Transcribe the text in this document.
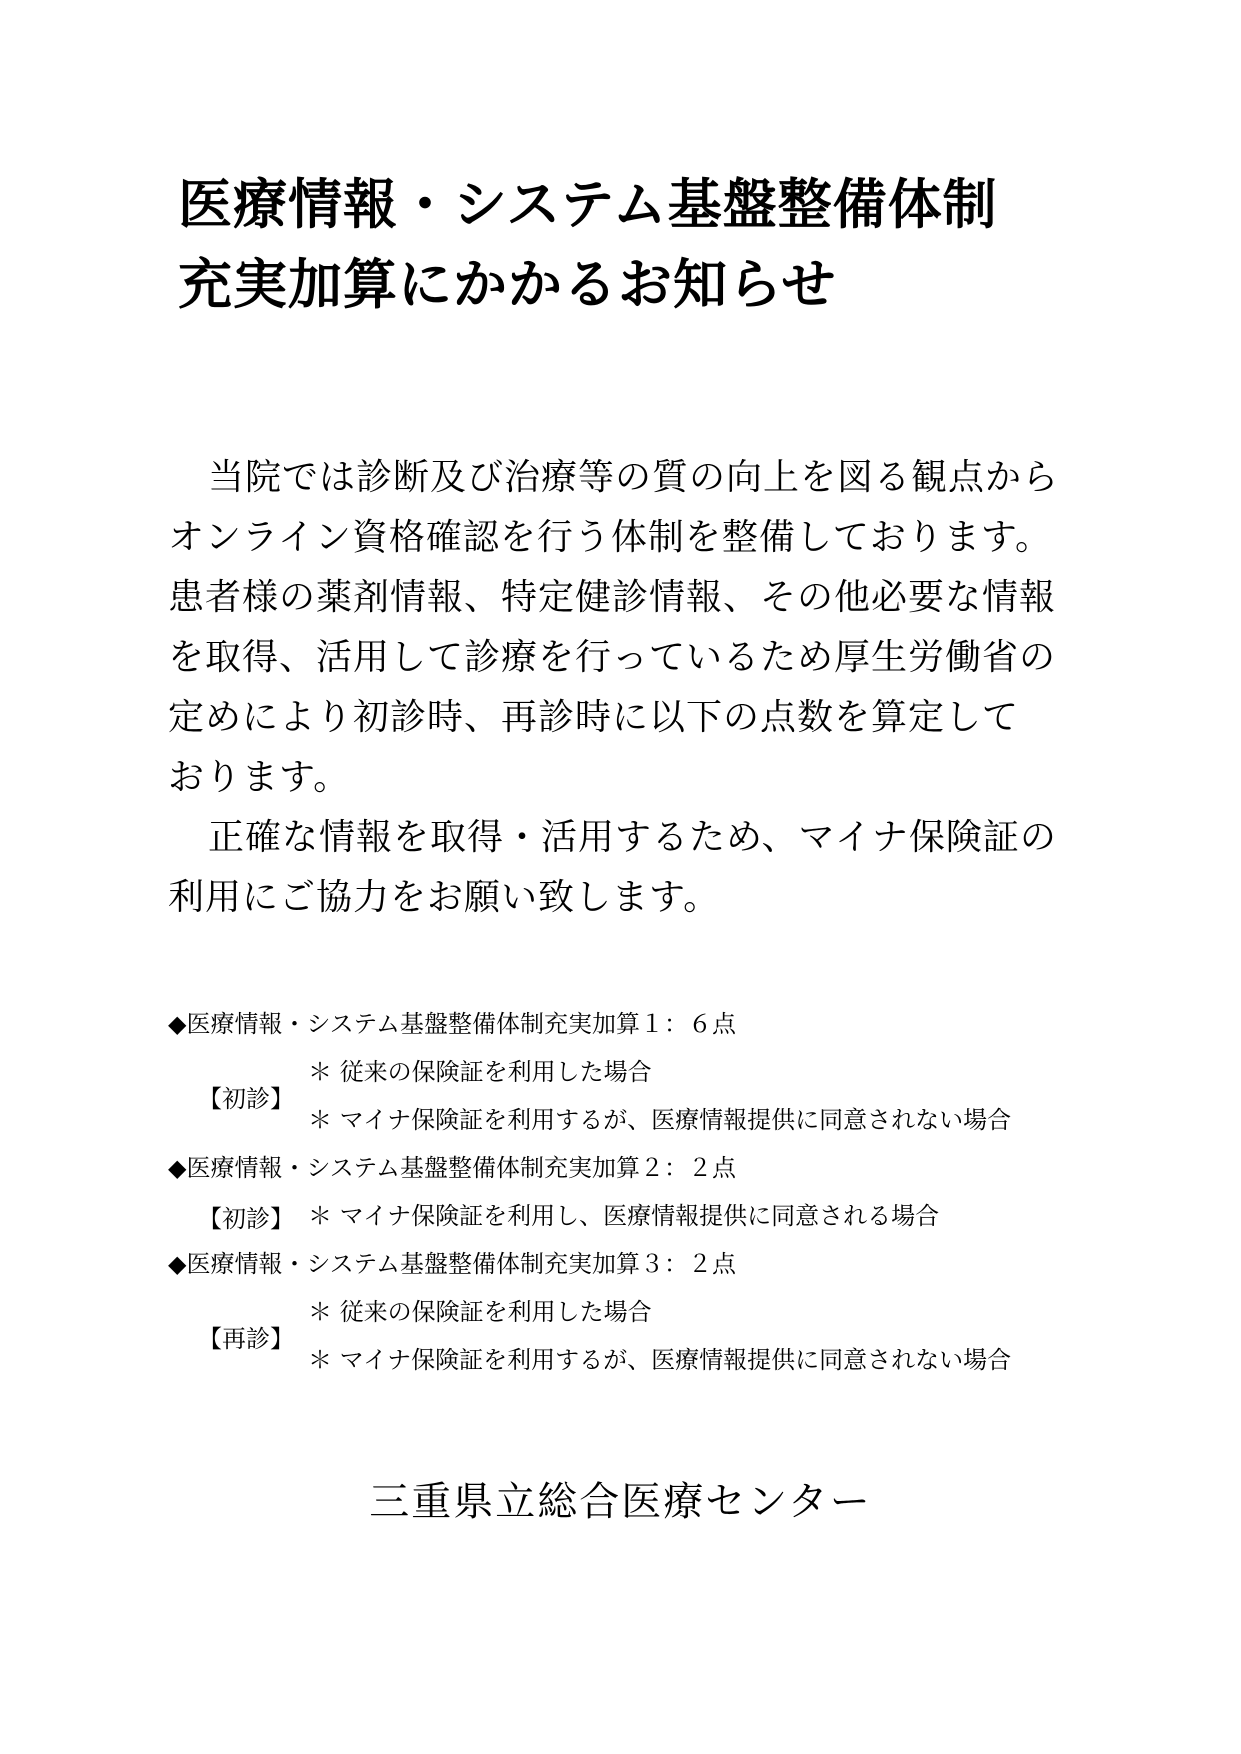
医療情報・システム基盤整備体制
充実加算にかかるお知らせ
当院では診断及び治療等の質の向上を図る観点から
オンライン資格確認を行う体制を整備しております。
患者様の薬剤情報、特定健診情報、その他必要な情報
を取得、活用して診療を行っているため厚生労働省の
定めにより初診時、再診時に以下の点数を算定して
おります。
正確な情報を取得・活用するため、マイナ保険証の
利用にご協力をお願い致します。
◆医療情報・システム基盤整備体制充実加算１：６点
【初診】
＊ 従来の保険証を利用した場合
＊ マイナ保険証を利用するが、医療情報提供に同意されない場合
◆医療情報・システム基盤整備体制充実加算２：２点
【初診】 ＊ マイナ保険証を利用し、医療情報提供に同意される場合
◆医療情報・システム基盤整備体制充実加算３：２点
【再診】
＊ 従来の保険証を利用した場合
＊ マイナ保険証を利用するが、医療情報提供に同意されない場合
三重県立総合医療センター
